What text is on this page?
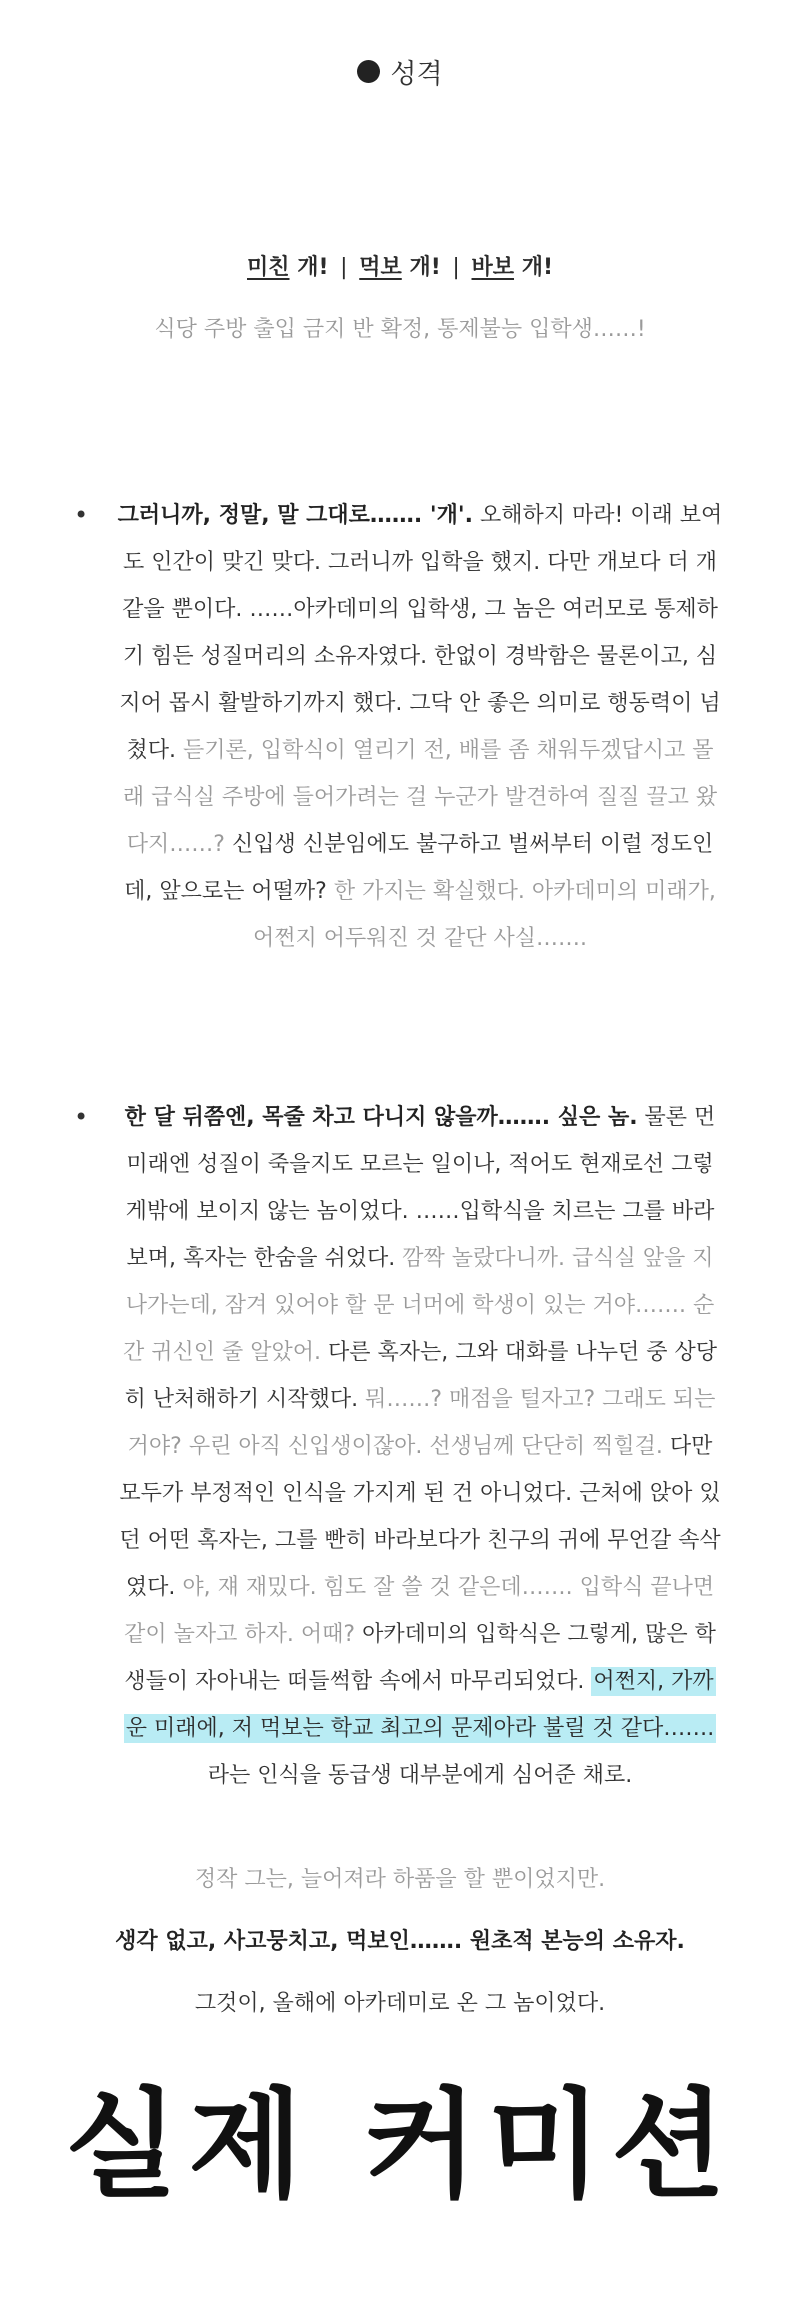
성격
미친 개! | 먹보 개! | 바보 개!
식당 주방 출입 금지 반 확정, 통제불능 입학생……!
•	그러니까, 정말, 말 그대로……. '개'. 오해하지 마라! 이래 보여
도 인간이 맞긴 맞다. 그러니까 입학을 했지. 다만 개보다 더 개
같을 뿐이다. ……아카데미의 입학생, 그 놈은 여러모로 통제하
기 힘든 성질머리의 소유자였다. 한없이 경박함은 물론이고, 심
지어 몹시 활발하기까지 했다. 그닥 안 좋은 의미로 행동력이 넘
쳤다. 듣기론, 입학식이 열리기 전, 배를 좀 채워두겠답시고 몰
래 급식실 주방에 들어가려는 걸 누군가 발견하여 질질 끌고 왔
다지……? 신입생 신분임에도 불구하고 벌써부터 이럴 정도인
데, 앞으로는 어떨까? 한 가지는 확실했다. 아카데미의 미래가,
어쩐지 어두워진 것 같단 사실…….
•	한 달 뒤쯤엔, 목줄 차고 다니지 않을까……. 싶은 놈. 물론 먼
미래엔 성질이 죽을지도 모르는 일이나, 적어도 현재로선 그렇
게밖에 보이지 않는 놈이었다. ……입학식을 치르는 그를 바라
보며, 혹자는 한숨을 쉬었다. 깜짝 놀랐다니까. 급식실 앞을 지
나가는데, 잠겨 있어야 할 문 너머에 학생이 있는 거야……. 순
간 귀신인 줄 알았어. 다른 혹자는, 그와 대화를 나누던 중 상당
히 난처해하기 시작했다. 뭐……? 매점을 털자고? 그래도 되는
거야? 우린 아직 신입생이잖아. 선생님께 단단히 찍힐걸. 다만
모두가 부정적인 인식을 가지게 된 건 아니었다. 근처에 앉아 있
던 어떤 혹자는, 그를 빤히 바라보다가 친구의 귀에 무언갈 속삭
였다. 야, 쟤 재밌다. 힘도 잘 쓸 것 같은데……. 입학식 끝나면
같이 놀자고 하자. 어때? 아카데미의 입학식은 그렇게, 많은 학
생들이 자아내는 떠들썩함 속에서 마무리되었다. 어쩐지, 가까
운 미래에, 저 먹보는 학교 최고의 문제아라 불릴 것 같다…….
라는 인식을 동급생 대부분에게 심어준 채로.
정작 그는, 늘어져라 하품을 할 뿐이었지만.
생각 없고, 사고뭉치고, 먹보인……. 원초적 본능의 소유자.
그것이, 올해에 아카데미로 온 그 놈이었다.
실제 커미션
